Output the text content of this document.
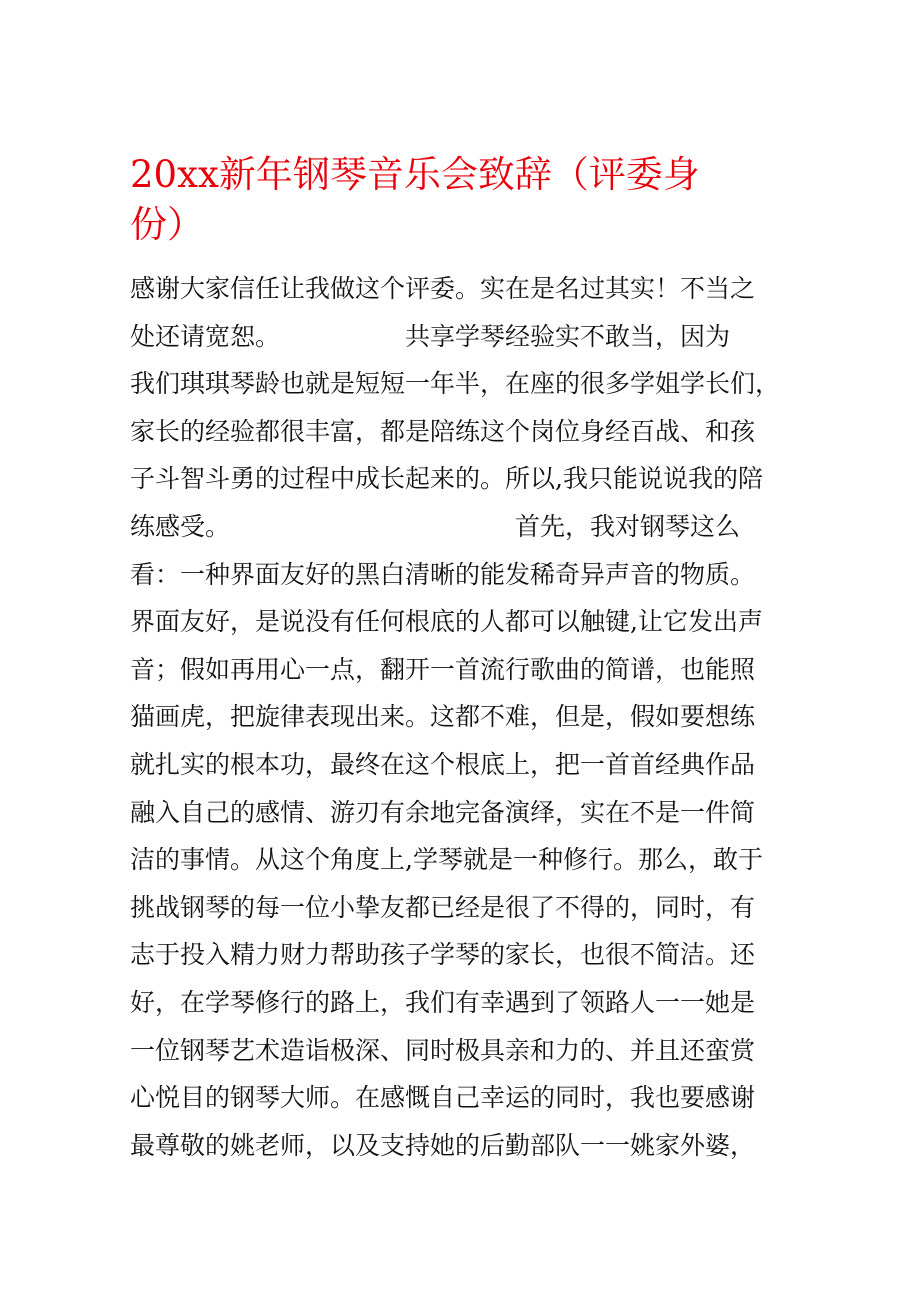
20xx新年钢琴音乐会致辞（评委身
份）
感谢大家信任让我做这个评委。实在是名过其实！不当之
处还请宽恕。	共享学琴经验实不敢当，因为
我们琪琪琴龄也就是短短一年半，在座的很多学姐学长们，
家长的经验都很丰富，都是陪练这个岗位身经百战、和孩
子斗智斗勇的过程中成长起来的。所以,我只能说说我的陪
练感受。	首先，我对钢琴这么
看：一种界面友好的黑白清晰的能发稀奇异声音的物质。
界面友好，是说没有任何根底的人都可以触键,让它发出声
音；假如再用心一点，翻开一首流行歌曲的简谱，也能照
猫画虎，把旋律表现出来。这都不难，但是，假如要想练
就扎实的根本功，最终在这个根底上，把一首首经典作品
融入自己的感情、游刃有余地完备演绎，实在不是一件简
洁的事情。从这个角度上,学琴就是一种修行。那么，敢于
挑战钢琴的每一位小挚友都已经是很了不得的，同时，有
志于投入精力财力帮助孩子学琴的家长，也很不简洁。还
好，在学琴修行的路上，我们有幸遇到了领路人一一她是
一位钢琴艺术造诣极深、同时极具亲和力的、并且还蛮赏
心悦目的钢琴大师。在感慨自己幸运的同时，我也要感谢
最尊敬的姚老师，以及支持她的后勤部队一一姚家外婆，
